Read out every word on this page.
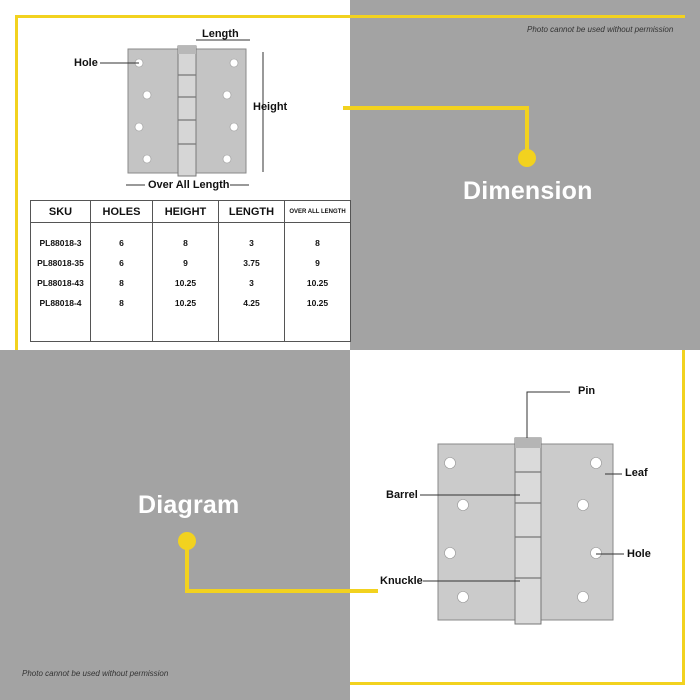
Photo cannot be used without permission
Photo cannot be used without permission
Dimension
Diagram
Hole
Length
Height
Over All Length
SKU	HOLES	HEIGHT	LENGTH	OVER ALL LENGTH
PL88018-3	6	8	3	8
PL88018-35	6	9	3.75	9
PL88018-43	8	10.25	3	10.25
PL88018-4	8	10.25	4.25	10.25

Pin
Leaf
Barrel
Hole
Knuckle
